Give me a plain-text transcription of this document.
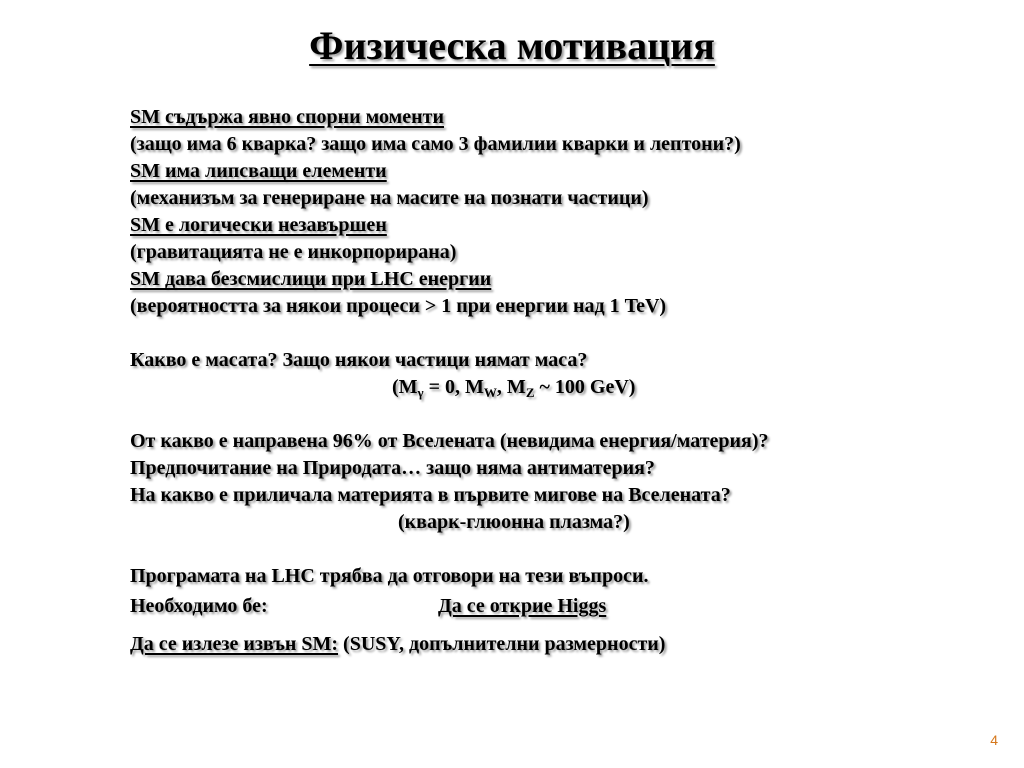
Физическа мотивация
SM съдържа явно спорни моменти
(защо има 6 кварка? защо има само 3 фамилии кварки и лептони?)
SM има липсващи елементи
(механизъм за генериране на масите на познати частици)
SM е логически незавършен
(гравитацията не е инкорпорирана)
SM дава безсмислици при LHC енергии
(вероятността за някои процеси > 1 при енергии над 1 TeV)
Какво е масата? Защо някои частици нямат маса?
($M_\gamma = 0$, $M_W$, $M_Z$ ~ 100 GeV)
От какво е направена 96% от Вселената (невидима енергия/материя)?
Предпочитание на Природата… защо няма антиматерия?
На какво е приличала материята в първите мигове на Вселената?
(кварк-глюонна плазма?)
Програмата на LHC трябва да отговори на тези въпроси.
Необходимо бе:	Да се открие Higgs
Да се излезе извън SM: (SUSY, допълнителни размерности)
4
